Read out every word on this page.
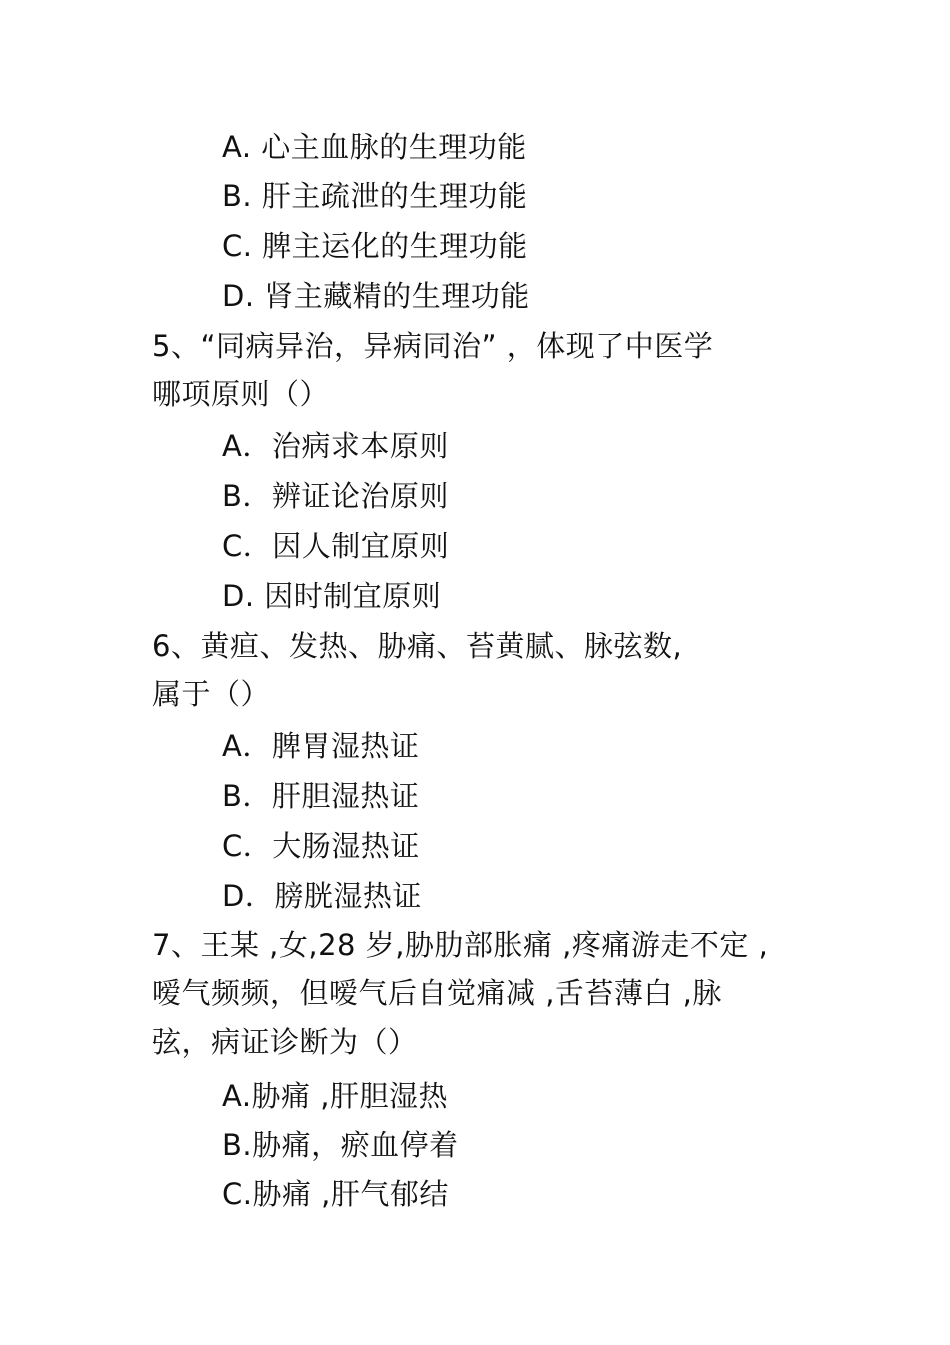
A. 心主血脉的生理功能
B. 肝主疏泄的生理功能
C. 脾主运化的生理功能
D. 肾主藏精的生理功能
5、“同病异治，异病同治” ，体现了中医学
哪项原则（）
A．治病求本原则
B．辨证论治原则
C．因人制宜原则
D. 因时制宜原则
6、黄疸、发热、胁痛、苔黄腻、脉弦数,
属于（）
A．脾胃湿热证
B．肝胆湿热证
C．大肠湿热证
D．膀胱湿热证
7、王某 ,女,28 岁,胁肋部胀痛 ,疼痛游走不定 ,
嗳气频频，但嗳气后自觉痛减 ,舌苔薄白 ,脉
弦，病证诊断为（）
A.胁痛 ,肝胆湿热
B.胁痛，瘀血停着
C.胁痛 ,肝气郁结
